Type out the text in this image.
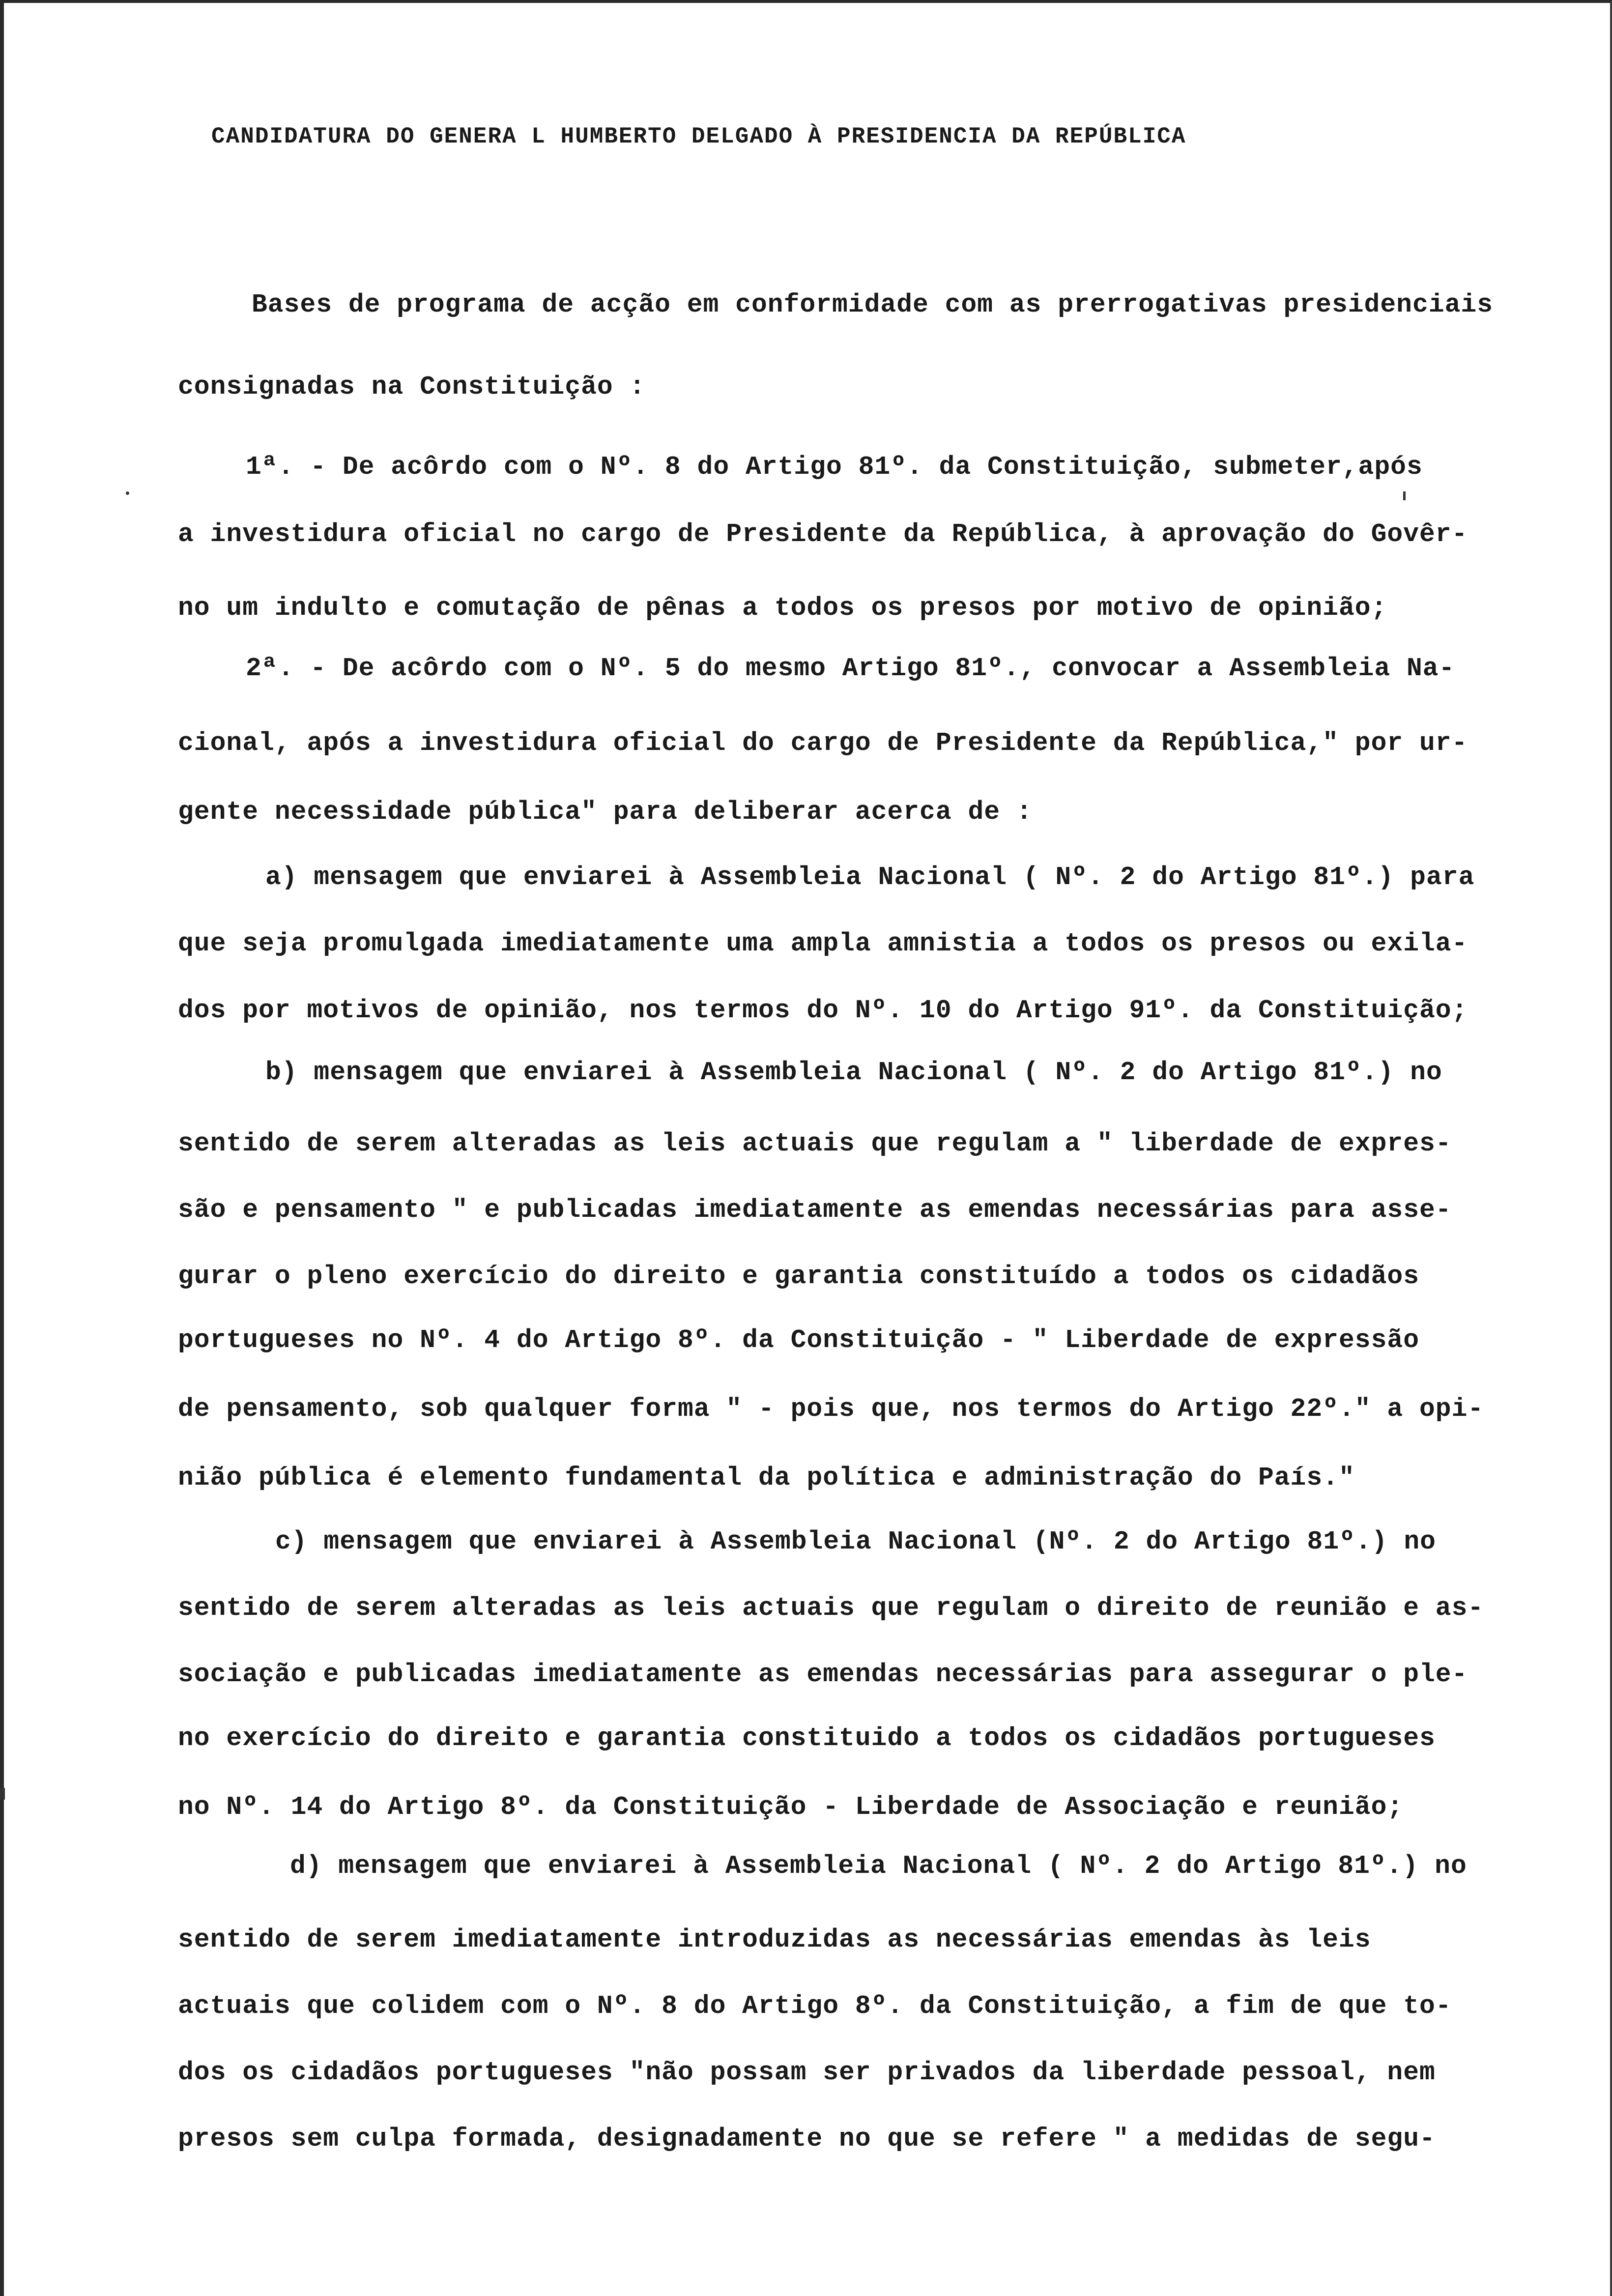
CANDIDATURA DO GENERA L HUMBERTO DELGADO À PRESIDENCIA DA REPÚBLICA
Bases de programa de acção em conformidade com as prerrogativas presidenciais
consignadas na Constituição :
1ª. - De acôrdo com o Nº. 8 do Artigo 81º. da Constituição, submeter,após
a investidura oficial no cargo de Presidente da República, à aprovação do Govêr-
no um indulto e comutação de pênas a todos os presos por motivo de opinião;
2ª. - De acôrdo com o Nº. 5 do mesmo Artigo 81º., convocar a Assembleia Na-
cional, após a investidura oficial do cargo de Presidente da República," por ur-
gente necessidade pública" para deliberar acerca de :
a) mensagem que enviarei à Assembleia Nacional ( Nº. 2 do Artigo 81º.) para
que seja promulgada imediatamente uma ampla amnistia a todos os presos ou exila-
dos por motivos de opinião, nos termos do Nº. 10 do Artigo 91º. da Constituição;
b) mensagem que enviarei à Assembleia Nacional ( Nº. 2 do Artigo 81º.) no
sentido de serem alteradas as leis actuais que regulam a " liberdade de expres-
são e pensamento " e publicadas imediatamente as emendas necessárias para asse-
gurar o pleno exercício do direito e garantia constituído a todos os cidadãos
portugueses no Nº. 4 do Artigo 8º. da Constituição - " Liberdade de expressão
de pensamento, sob qualquer forma " - pois que, nos termos do Artigo 22º." a opi-
nião pública é elemento fundamental da política e administração do País."
c) mensagem que enviarei à Assembleia Nacional (Nº. 2 do Artigo 81º.) no
sentido de serem alteradas as leis actuais que regulam o direito de reunião e as-
sociação e publicadas imediatamente as emendas necessárias para assegurar o ple-
no exercício do direito e garantia constituido a todos os cidadãos portugueses
no Nº. 14 do Artigo 8º. da Constituição - Liberdade de Associação e reunião;
d) mensagem que enviarei à Assembleia Nacional ( Nº. 2 do Artigo 81º.) no
sentido de serem imediatamente introduzidas as necessárias emendas às leis
actuais que colidem com o Nº. 8 do Artigo 8º. da Constituição, a fim de que to-
dos os cidadãos portugueses "não possam ser privados da liberdade pessoal, nem
presos sem culpa formada, designadamente no que se refere " a medidas de segu-
